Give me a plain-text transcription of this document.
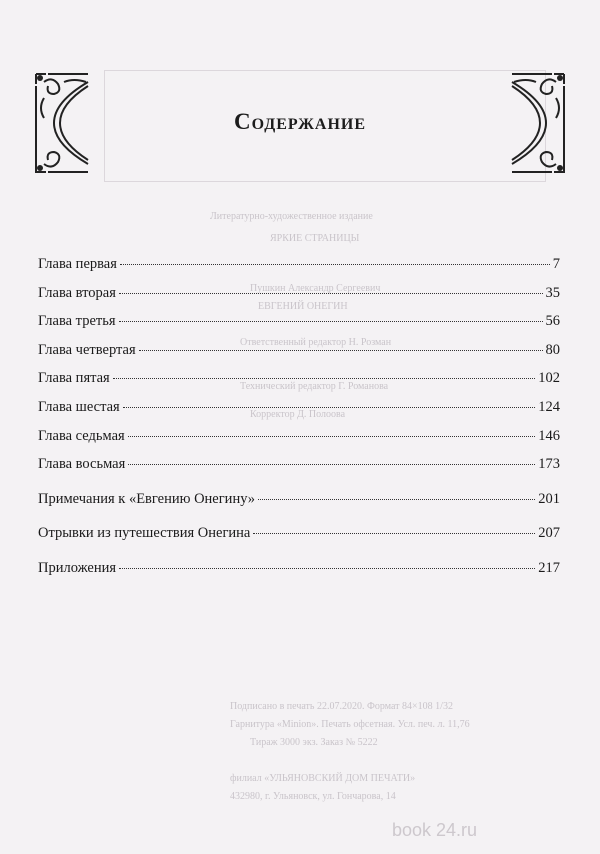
Литературно-художественное издание
ЯРКИЕ СТРАНИЦЫ
Пушкин Александр Сергеевич
ЕВГЕНИЙ ОНЕГИН
Ответственный редактор Н. Розман
Технический редактор Г. Романова
Корректор Д. Полоова
Подписано в печать 22.07.2020. Формат 84×108 1/32
Гарнитура «Minion». Печать офсетная. Усл. печ. л. 11,76
Тираж 3000 экз. Заказ № 5222
филиал «УЛЬЯНОВСКИЙ ДОМ ПЕЧАТИ»
432980, г. Ульяновск, ул. Гончарова, 14
book 24.ru
Содержание
Глава первая	7
Глава вторая	35
Глава третья	56
Глава четвертая	80
Глава пятая	102
Глава шестая	124
Глава седьмая	146
Глава восьмая	173
Примечания к «Евгению Онегину»	201
Отрывки из путешествия Онегина	207
Приложения	217
